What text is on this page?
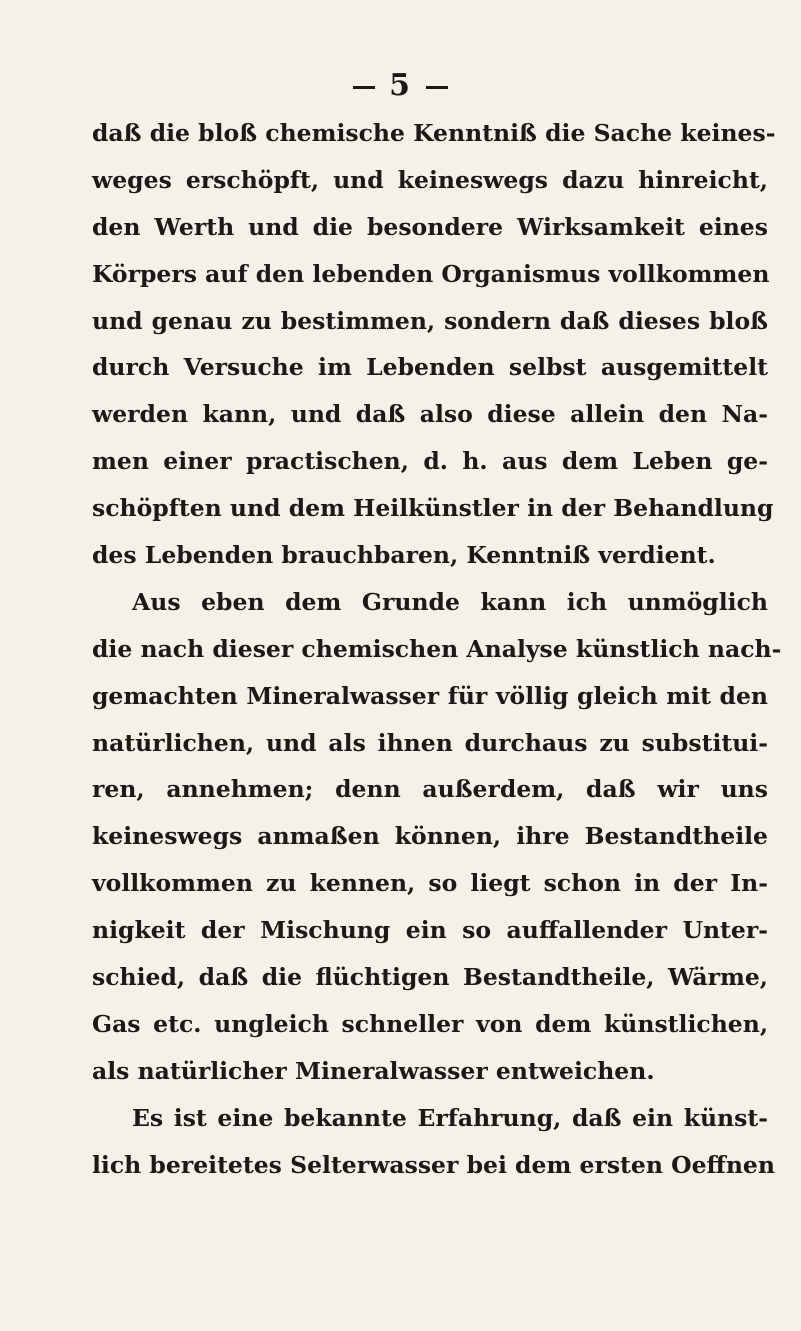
5
daß die bloß chemische Kenntniß die Sache keines-
weges erschöpft, und keineswegs dazu hinreicht,
den Werth und die besondere Wirksamkeit eines
Körpers auf den lebenden Organismus vollkommen
und genau zu bestimmen, sondern daß dieses bloß
durch Versuche im Lebenden selbst ausgemittelt
werden kann, und daß also diese allein den Na-
men einer practischen, d. h. aus dem Leben ge-
schöpften und dem Heilkünstler in der Behandlung
des Lebenden brauchbaren, Kenntniß verdient.
Aus eben dem Grunde kann ich unmöglich
die nach dieser chemischen Analyse künstlich nach-
gemachten Mineralwasser für völlig gleich mit den
natürlichen, und als ihnen durchaus zu substitui-
ren, annehmen; denn außerdem, daß wir uns
keineswegs anmaßen können, ihre Bestandtheile
vollkommen zu kennen, so liegt schon in der In-
nigkeit der Mischung ein so auffallender Unter-
schied, daß die flüchtigen Bestandtheile, Wärme,
Gas etc. ungleich schneller von dem künstlichen,
als natürlicher Mineralwasser entweichen.
Es ist eine bekannte Erfahrung, daß ein künst-
lich bereitetes Selterwasser bei dem ersten Oeffnen
